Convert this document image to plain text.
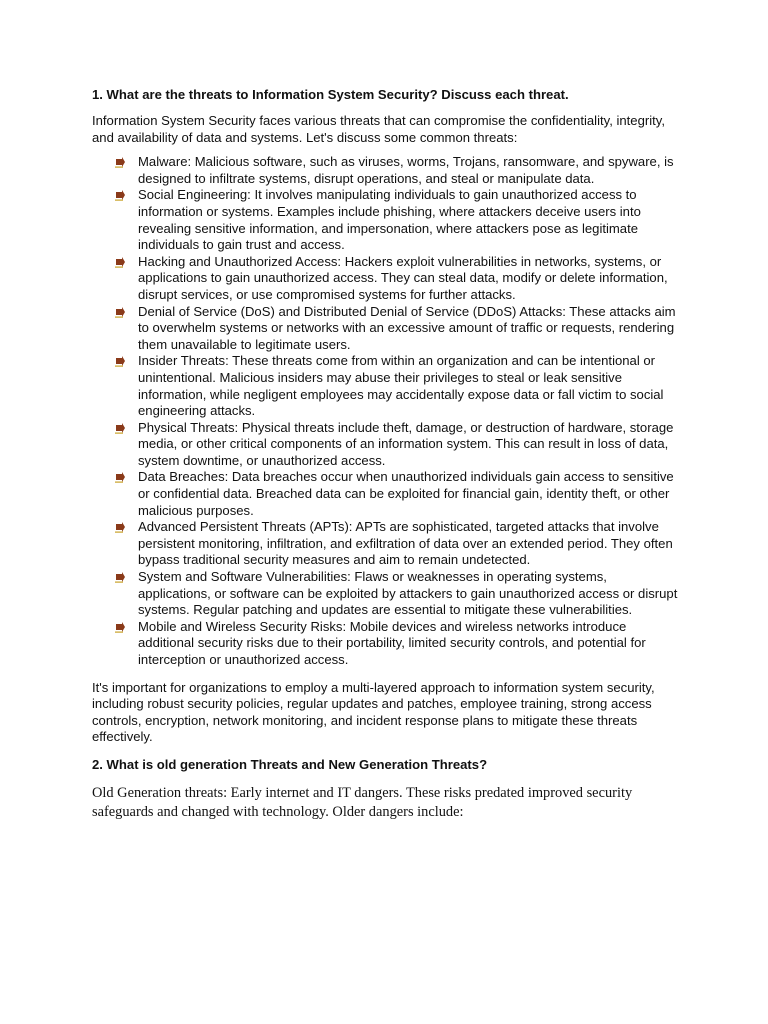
1. What are the threats to Information System Security? Discuss each threat.

Information System Security faces various threats that can compromise the confidentiality, integrity, and availability of data and systems. Let's discuss some common threats:

Malware: Malicious software, such as viruses, worms, Trojans, ransomware, and spyware, is designed to infiltrate systems, disrupt operations, and steal or manipulate data.
Social Engineering: It involves manipulating individuals to gain unauthorized access to information or systems. Examples include phishing, where attackers deceive users into revealing sensitive information, and impersonation, where attackers pose as legitimate individuals to gain trust and access.
Hacking and Unauthorized Access: Hackers exploit vulnerabilities in networks, systems, or applications to gain unauthorized access. They can steal data, modify or delete information, disrupt services, or use compromised systems for further attacks.
Denial of Service (DoS) and Distributed Denial of Service (DDoS) Attacks: These attacks aim to overwhelm systems or networks with an excessive amount of traffic or requests, rendering them unavailable to legitimate users.
Insider Threats: These threats come from within an organization and can be intentional or unintentional. Malicious insiders may abuse their privileges to steal or leak sensitive information, while negligent employees may accidentally expose data or fall victim to social engineering attacks.
Physical Threats: Physical threats include theft, damage, or destruction of hardware, storage media, or other critical components of an information system. This can result in loss of data, system downtime, or unauthorized access.
Data Breaches: Data breaches occur when unauthorized individuals gain access to sensitive or confidential data. Breached data can be exploited for financial gain, identity theft, or other malicious purposes.
Advanced Persistent Threats (APTs): APTs are sophisticated, targeted attacks that involve persistent monitoring, infiltration, and exfiltration of data over an extended period. They often bypass traditional security measures and aim to remain undetected.
System and Software Vulnerabilities: Flaws or weaknesses in operating systems, applications, or software can be exploited by attackers to gain unauthorized access or disrupt systems. Regular patching and updates are essential to mitigate these vulnerabilities.
Mobile and Wireless Security Risks: Mobile devices and wireless networks introduce additional security risks due to their portability, limited security controls, and potential for interception or unauthorized access.

It's important for organizations to employ a multi-layered approach to information system security, including robust security policies, regular updates and patches, employee training, strong access controls, encryption, network monitoring, and incident response plans to mitigate these threats effectively.

2. What is old generation Threats and New Generation Threats?

Old Generation threats: Early internet and IT dangers. These risks predated improved security safeguards and changed with technology. Older dangers include:
